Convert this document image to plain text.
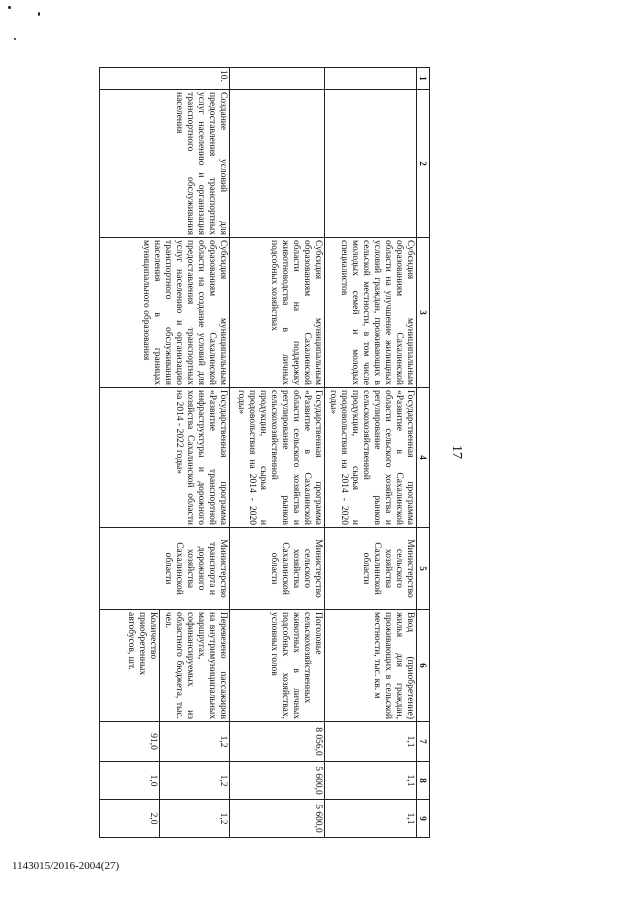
17
1	2	3	4	5	6	7	8	9
		Субсидия муниципальным образованиям Сахалинской области на улучшение жилищных условий граждан, проживающих в сельской местности, в том числе молодых семей и молодых специалистов	Государственная программа «Развитие в Сахалинской области сельского хозяйства и регулирование рынков сельскохозяйственной продукции, сырья и продовольствия на 2014 - 2020 годы»	Министерство сельского хозяйства Сахалинской области	Ввод (приобретение) жилья для граждан, проживающих в сельской местности, тыс. кв. м	1,1	1,1	1,1
		Субсидия муниципальным образованиям Сахалинской области на поддержку животноводства в личных подсобных хозяйствах	Государственная программа «Развитие в Сахалинской области сельского хозяйства и регулирование рынков сельскохозяйственной продукции, сырья и продовольствия на 2014 - 2020 годы»	Министерство сельского хозяйства Сахалинской области	Поголовье сельскохозяйственных животных в личных подсобных хозяйствах, условных голов	8 056,0	5 600,0	5 600,0
10.	Создание условий для предоставления транспортных услуг населению и организация транспортного обслуживания населения	Субсидия муниципальным образованиям Сахалинской области на создание условий для предоставления транспортных услуг населению и организацию транспортного обслуживания населения в границах муниципального образования	Государственная программа «Развитие транспортной инфраструктуры и дорожного хозяйства Сахалинской области на 2014 - 2022 годы»	Министерство транспорта и дорожного хозяйства Сахалинской области	Перевезено пассажиров на внутримуниципальных маршрутах, софинансируемых из областного бюджета, тыс. чел.	1,2	1,2	1,2
					Количество приобретенных автобусов, шт.	91,0	1,0	2,0
1143015/2016-2004(27)
